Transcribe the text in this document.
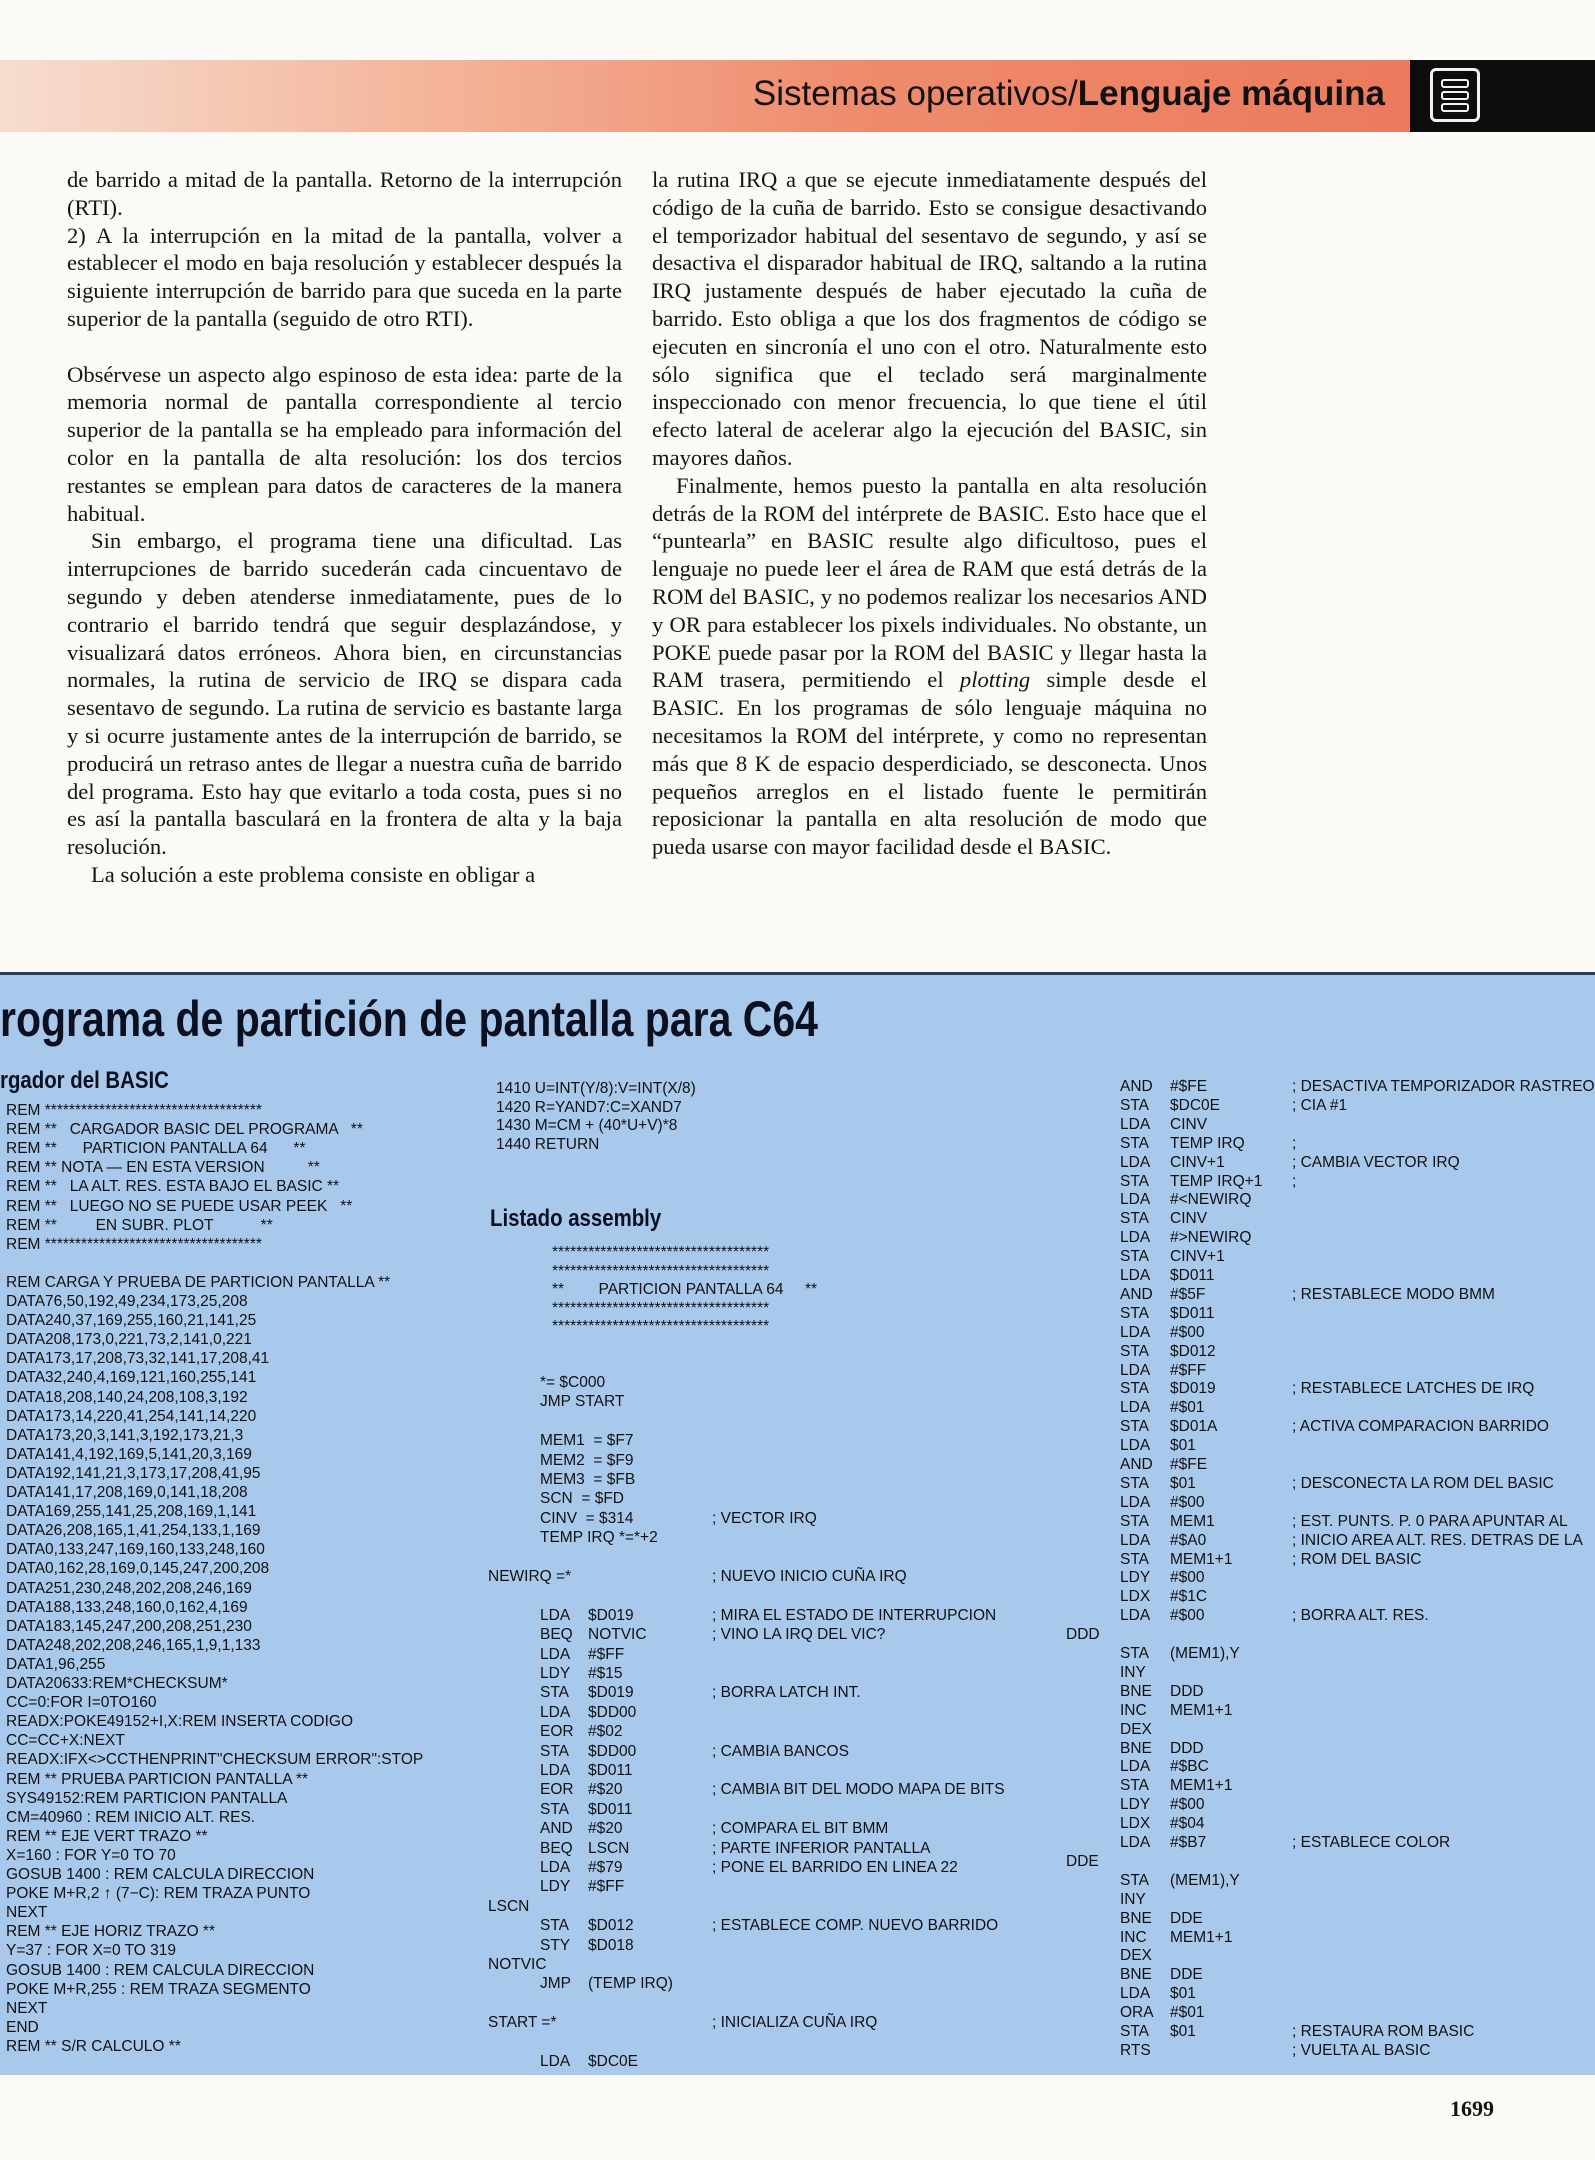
Sistemas operativos/Lenguaje máquina

de barrido a mitad de la pantalla. Retorno de la interrupción (RTI).

2) A la interrupción en la mitad de la pantalla, volver a establecer el modo en baja resolución y establecer después la siguiente interrupción de barrido para que suceda en la parte superior de la pantalla (seguido de otro RTI).

Obsérvese un aspecto algo espinoso de esta idea: parte de la memoria normal de pantalla correspondiente al tercio superior de la pantalla se ha empleado para información del color en la pantalla de alta resolución: los dos tercios restantes se emplean para datos de caracteres de la manera habitual.

Sin embargo, el programa tiene una dificultad. Las interrupciones de barrido sucederán cada cincuentavo de segundo y deben atenderse inmediatamente, pues de lo contrario el barrido tendrá que seguir desplazándose, y visualizará datos erróneos. Ahora bien, en circunstancias normales, la rutina de servicio de IRQ se dispara cada sesentavo de segundo. La rutina de servicio es bastante larga y si ocurre justamente antes de la interrupción de barrido, se producirá un retraso antes de llegar a nuestra cuña de barrido del programa. Esto hay que evitarlo a toda costa, pues si no es así la pantalla basculará en la frontera de alta y la baja resolución.

La solución a este problema consiste en obligar a

la rutina IRQ a que se ejecute inmediatamente después del código de la cuña de barrido. Esto se consigue desactivando el temporizador habitual del sesentavo de segundo, y así se desactiva el disparador habitual de IRQ, saltando a la rutina IRQ justamente después de haber ejecutado la cuña de barrido. Esto obliga a que los dos fragmentos de código se ejecuten en sincronía el uno con el otro. Naturalmente esto sólo significa que el teclado será marginalmente inspeccionado con menor frecuencia, lo que tiene el útil efecto lateral de acelerar algo la ejecución del BASIC, sin mayores daños.

Finalmente, hemos puesto la pantalla en alta resolución detrás de la ROM del intérprete de BASIC. Esto hace que el “puntearla” en BASIC resulte algo dificultoso, pues el lenguaje no puede leer el área de RAM que está detrás de la ROM del BASIC, y no podemos realizar los necesarios AND y OR para establecer los pixels individuales. No obstante, un POKE puede pasar por la ROM del BASIC y llegar hasta la RAM trasera, permitiendo el plotting simple desde el BASIC. En los programas de sólo lenguaje máquina no necesitamos la ROM del intérprete, y como no representan más que 8 K de espacio desperdiciado, se desconecta. Unos pequeños arreglos en el listado fuente le permitirán reposicionar la pantalla en alta resolución de modo que pueda usarse con mayor facilidad desde el BASIC.

rograma de partición de pantalla para C64
rgador del BASIC
Listado assembly
REM ************************************
REM **   CARGADOR BASIC DEL PROGRAMA   **
REM **      PARTICION PANTALLA 64      **
REM ** NOTA — EN ESTA VERSION          **
REM **   LA ALT. RES. ESTA BAJO EL BASIC **
REM **   LUEGO NO SE PUEDE USAR PEEK   **
REM **         EN SUBR. PLOT           **
REM ************************************
REM CARGA Y PRUEBA DE PARTICION PANTALLA **
DATA76,50,192,49,234,173,25,208
DATA240,37,169,255,160,21,141,25
DATA208,173,0,221,73,2,141,0,221
DATA173,17,208,73,32,141,17,208,41
DATA32,240,4,169,121,160,255,141
DATA18,208,140,24,208,108,3,192
DATA173,14,220,41,254,141,14,220
DATA173,20,3,141,3,192,173,21,3
DATA141,4,192,169,5,141,20,3,169
DATA192,141,21,3,173,17,208,41,95
DATA141,17,208,169,0,141,18,208
DATA169,255,141,25,208,169,1,141
DATA26,208,165,1,41,254,133,1,169
DATA0,133,247,169,160,133,248,160
DATA0,162,28,169,0,145,247,200,208
DATA251,230,248,202,208,246,169
DATA188,133,248,160,0,162,4,169
DATA183,145,247,200,208,251,230
DATA248,202,208,246,165,1,9,1,133
DATA1,96,255
DATA20633:REM*CHECKSUM*
CC=0:FOR I=0TO160
READX:POKE49152+I,X:REM INSERTA CODIGO
CC=CC+X:NEXT
READX:IFX<>CCTHENPRINT"CHECKSUM ERROR":STOP
REM ** PRUEBA PARTICION PANTALLA **
SYS49152:REM PARTICION PANTALLA
CM=40960 : REM INICIO ALT. RES.
REM ** EJE VERT TRAZO **
X=160 : FOR Y=0 TO 70
GOSUB 1400 : REM CALCULA DIRECCION
POKE M+R,2 ↑ (7−C): REM TRAZA PUNTO
NEXT
REM ** EJE HORIZ TRAZO **
Y=37 : FOR X=0 TO 319
GOSUB 1400 : REM CALCULA DIRECCION
POKE M+R,255 : REM TRAZA SEGMENTO
NEXT
END
REM ** S/R CALCULO **
1410 U=INT(Y/8):V=INT(X/8)
1420 R=YAND7:C=XAND7
1430 M=CM + (40*U+V)*8
1440 RETURN
************************************
************************************
**        PARTICION PANTALLA 64     **
************************************
************************************
*= $C000
JMP START
MEM1  = $F7
MEM2  = $F9
MEM3  = $FB
SCN  = $FD
CINV  = $314	; VECTOR IRQ
TEMP IRQ *=*+2
NEWIRQ =*	; NUEVO INICIO CUÑA IRQ
LDA $D019	; MIRA EL ESTADO DE INTERRUPCION
BEQ NOTVIC	; VINO LA IRQ DEL VIC?
LDA #$FF
LDY #$15
STA $D019	; BORRA LATCH INT.
LDA $DD00
EOR #$02
STA $DD00	; CAMBIA BANCOS
LDA $D011
EOR #$20	; CAMBIA BIT DEL MODO MAPA DE BITS
STA $D011
AND #$20	; COMPARA EL BIT BMM
BEQ LSCN	; PARTE INFERIOR PANTALLA
LDA #$79	; PONE EL BARRIDO EN LINEA 22
LDY #$FF
LSCN
STA $D012	; ESTABLECE COMP. NUEVO BARRIDO
STY $D018
NOTVIC
JMP (TEMP IRQ)
START =*	; INICIALIZA CUÑA IRQ
LDA $DC0E
AND #$FE	; DESACTIVA TEMPORIZADOR RASTREO
STA $DC0E	; CIA #1
LDA CINV
STA TEMP IRQ	;
LDA CINV+1	; CAMBIA VECTOR IRQ
STA TEMP IRQ+1 ;
LDA #<NEWIRQ
STA CINV
LDA #>NEWIRQ
STA CINV+1
LDA $D011
AND #$5F	; RESTABLECE MODO BMM
STA $D011
LDA #$00
STA $D012
LDA #$FF
STA $D019	; RESTABLECE LATCHES DE IRQ
LDA #$01
STA $D01A	; ACTIVA COMPARACION BARRIDO
LDA $01
AND #$FE
STA $01	; DESCONECTA LA ROM DEL BASIC
LDA #$00
STA MEM1	; EST. PUNTS. P. 0 PARA APUNTAR AL
LDA #$A0	; INICIO AREA ALT. RES. DETRAS DE LA
STA MEM1+1	; ROM DEL BASIC
LDY #$00
LDX #$1C
LDA #$00	; BORRA ALT. RES.
DDD
STA (MEM1),Y
INY
BNE DDD
INC MEM1+1
DEX
BNE DDD
LDA #$BC
STA MEM1+1
LDY #$00
LDX #$04
LDA #$B7	; ESTABLECE COLOR
DDE
STA (MEM1),Y
INY
BNE DDE
INC MEM1+1
DEX
BNE DDE
LDA $01
ORA #$01
STA $01	; RESTAURA ROM BASIC
RTS	; VUELTA AL BASIC
1699
